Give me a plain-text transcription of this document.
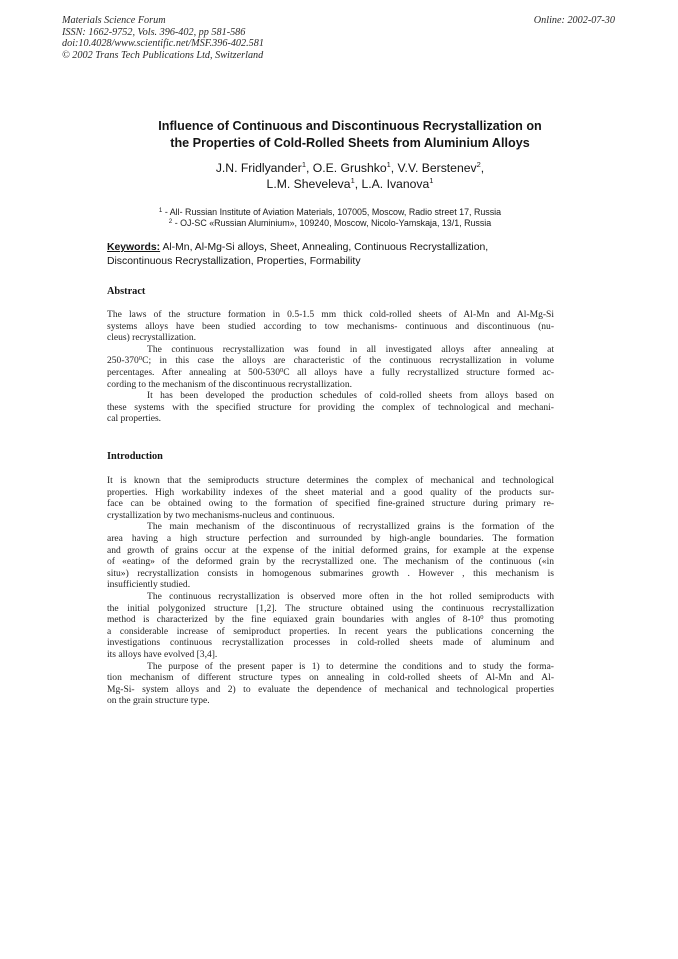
Materials Science Forum
ISSN: 1662-9752, Vols. 396-402, pp 581-586
doi:10.4028/www.scientific.net/MSF.396-402.581
© 2002 Trans Tech Publications Ltd, Switzerland
Online: 2002-07-30
Influence of Continuous and Discontinuous Recrystallization on
the Properties of Cold-Rolled Sheets from Aluminium Alloys
J.N. Fridlyander$^1$, O.E. Grushko$^1$, V.V. Berstenev$^2$,
L.M. Sheveleva$^1$, L.A. Ivanova$^1$
$^1$ - All- Russian Institute of Aviation Materials, 107005, Moscow, Radio street 17, Russia
$^2$ - OJ-SC «Russian Aluminium», 109240, Moscow, Nicolo-Yamskaja, 13/1, Russia
Keywords: Al-Mn, Al-Mg-Si alloys, Sheet, Annealing, Continuous Recrystallization,
Discontinuous Recrystallization, Properties, Formability
Abstract
The laws of the structure formation in 0.5-1.5 mm thick cold-rolled sheets of Al-Mn and Al-Mg-Si
systems alloys have been studied according to tow mechanisms- continuous and discontinuous (nu-
cleus) recrystallization.
The continuous recrystallization was found in all investigated alloys after annealing at
$250-370^0C$; in this case the alloys are characteristic of the continuous recrystallization in volume
percentages. After annealing at $500-530^0C$ all alloys have a fully recrystallized structure formed ac-
cording to the mechanism of the discontinuous recrystallization.
It has been developed the production schedules of cold-rolled sheets from alloys based on
these systems with the specified structure for providing the complex of technological and mechani-
cal properties.
Introduction
It is known that the semiproducts structure determines the complex of mechanical and technological
properties. High workability indexes of the sheet material and a good quality of the products sur-
face can be obtained owing to the formation of specified fine-grained structure during primary re-
crystallization by two mechanisms-nucleus and continuous.
The main mechanism of the discontinuous of recrystallized grains is the formation of the
area having a high structure perfection and surrounded by high-angle boundaries. The formation
and growth of grains occur at the expense of the initial deformed grains, for example at the expense
of «eating» of the deformed grain by the recrystallized one. The mechanism of the continuous («in
situ») recrystallization consists in homogenous submarines growth . However , this mechanism is
insufficiently studied.
The continuous recrystallization is observed more often in the hot rolled semiproducts with
the initial polygonized structure [1,2]. The structure obtained using the continuous recrystallization
method is characterized by the fine equiaxed grain boundaries with angles of $8-10^0$ thus promoting
a considerable increase of semiproduct properties. In recent years the publications concerning the
investigations continuous recrystallization processes in cold-rolled sheets made of aluminum and
its alloys have evolved [3,4].
The purpose of the present paper is 1) to determine the conditions and to study the forma-
tion mechanism of different structure types on annealing in cold-rolled sheets of Al-Mn and Al-
Mg-Si- system alloys and 2) to evaluate the dependence of mechanical and technological properties
on the grain structure type.
